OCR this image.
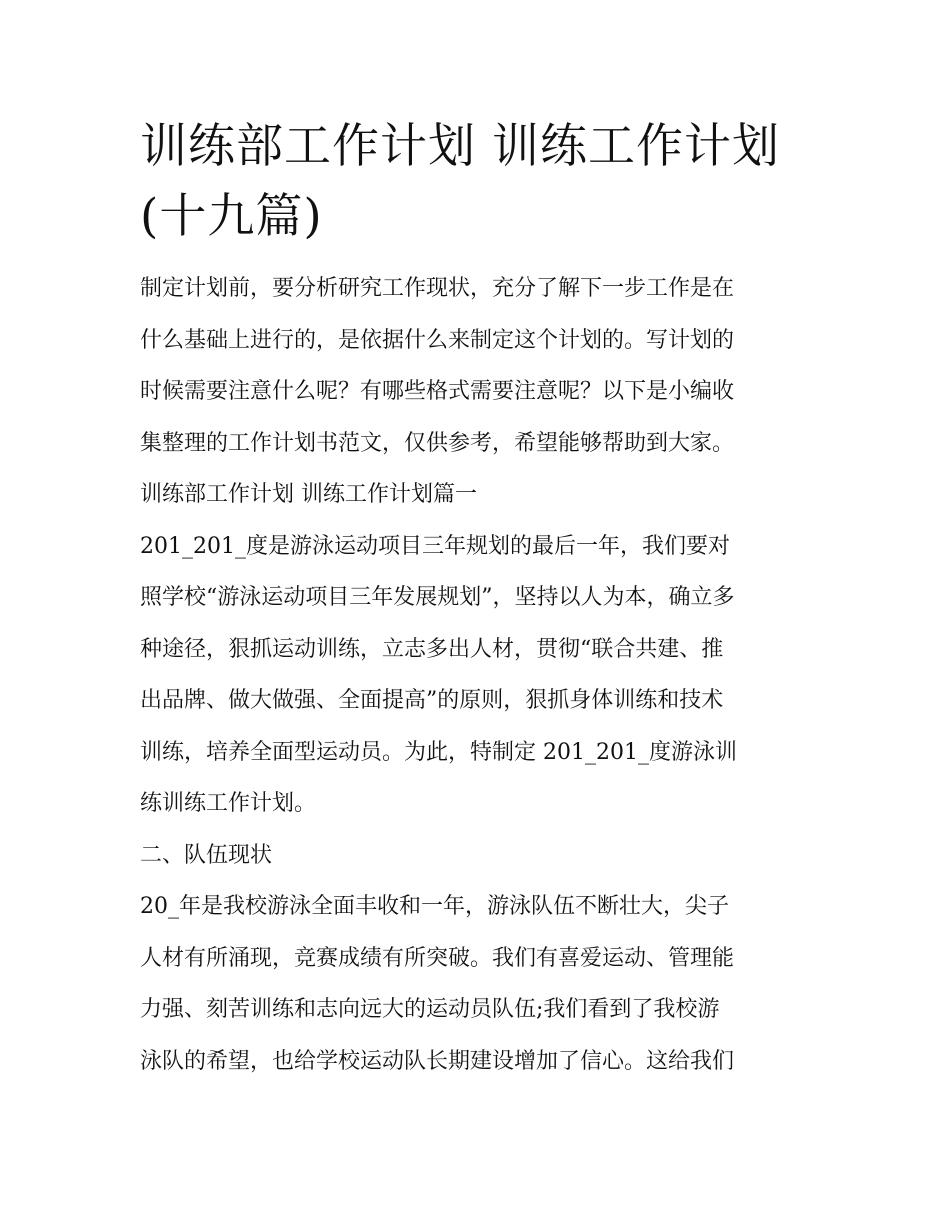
训练部工作计划 训练工作计划
(十九篇)

制定计划前，要分析研究工作现状，充分了解下一步工作是在
什么基础上进行的，是依据什么来制定这个计划的。写计划的
时候需要注意什么呢？有哪些格式需要注意呢？以下是小编收
集整理的工作计划书范文，仅供参考，希望能够帮助到大家。

训练部工作计划 训练工作计划篇一

201_201_度是游泳运动项目三年规划的最后一年，我们要对
照学校“游泳运动项目三年发展规划”，坚持以人为本，确立多
种途径，狠抓运动训练，立志多出人材，贯彻“联合共建、推
出品牌、做大做强、全面提高”的原则，狠抓身体训练和技术
训练，培养全面型运动员。为此，特制定 201_201_度游泳训
练训练工作计划。

二、队伍现状

20_年是我校游泳全面丰收和一年，游泳队伍不断壮大，尖子
人材有所涌现，竞赛成绩有所突破。我们有喜爱运动、管理能
力强、刻苦训练和志向远大的运动员队伍;我们看到了我校游
泳队的希望，也给学校运动队长期建设增加了信心。这给我们
